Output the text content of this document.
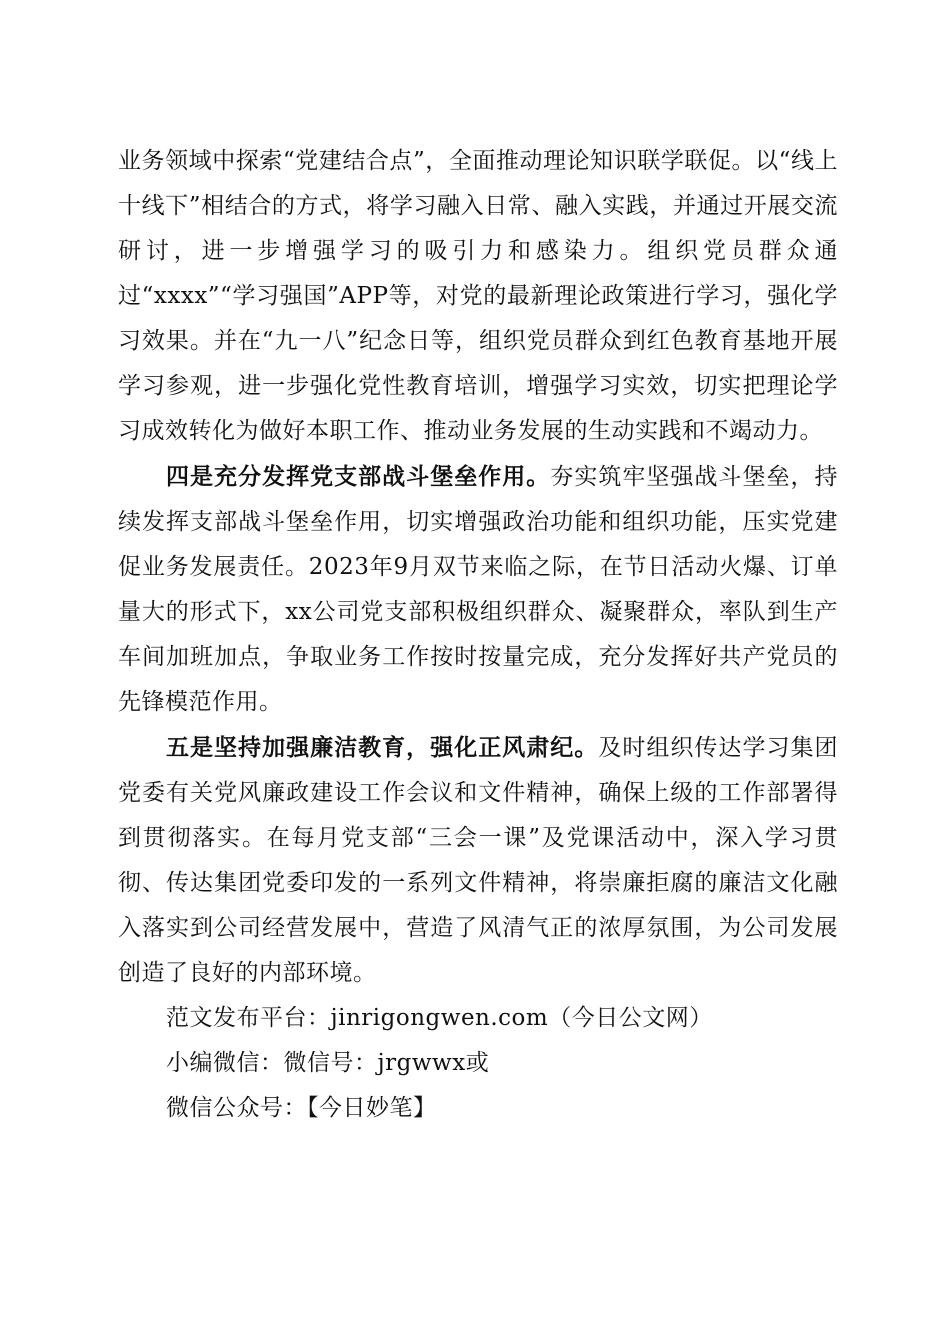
业务领域中探索“党建结合点”，全面推动理论知识联学联促。以“线上十线下”相结合的方式，将学习融入日常、融入实践，并通过开展交流研讨，进一步增强学习的吸引力和感染力。组织党员群众通过“xxxx”“学习强国”APP等，对党的最新理论政策进行学习，强化学习效果。并在“九一八”纪念日等，组织党员群众到红色教育基地开展学习参观，进一步强化党性教育培训，增强学习实效，切实把理论学习成效转化为做好本职工作、推动业务发展的生动实践和不竭动力。

四是充分发挥党支部战斗堡垒作用。夯实筑牢坚强战斗堡垒，持续发挥支部战斗堡垒作用，切实增强政治功能和组织功能，压实党建促业务发展责任。2023年9月双节来临之际，在节日活动火爆、订单量大的形式下，xx公司党支部积极组织群众、凝聚群众，率队到生产车间加班加点，争取业务工作按时按量完成，充分发挥好共产党员的先锋模范作用。

五是坚持加强廉洁教育，强化正风肃纪。及时组织传达学习集团党委有关党风廉政建设工作会议和文件精神，确保上级的工作部署得到贯彻落实。在每月党支部“三会一课”及党课活动中，深入学习贯彻、传达集团党委印发的一系列文件精神，将崇廉拒腐的廉洁文化融入落实到公司经营发展中，营造了风清气正的浓厚氛围，为公司发展创造了良好的内部环境。

范文发布平台：jinrigongwen.com（今日公文网）

小编微信：微信号：jrgwwx或

微信公众号：【今日妙笔】
